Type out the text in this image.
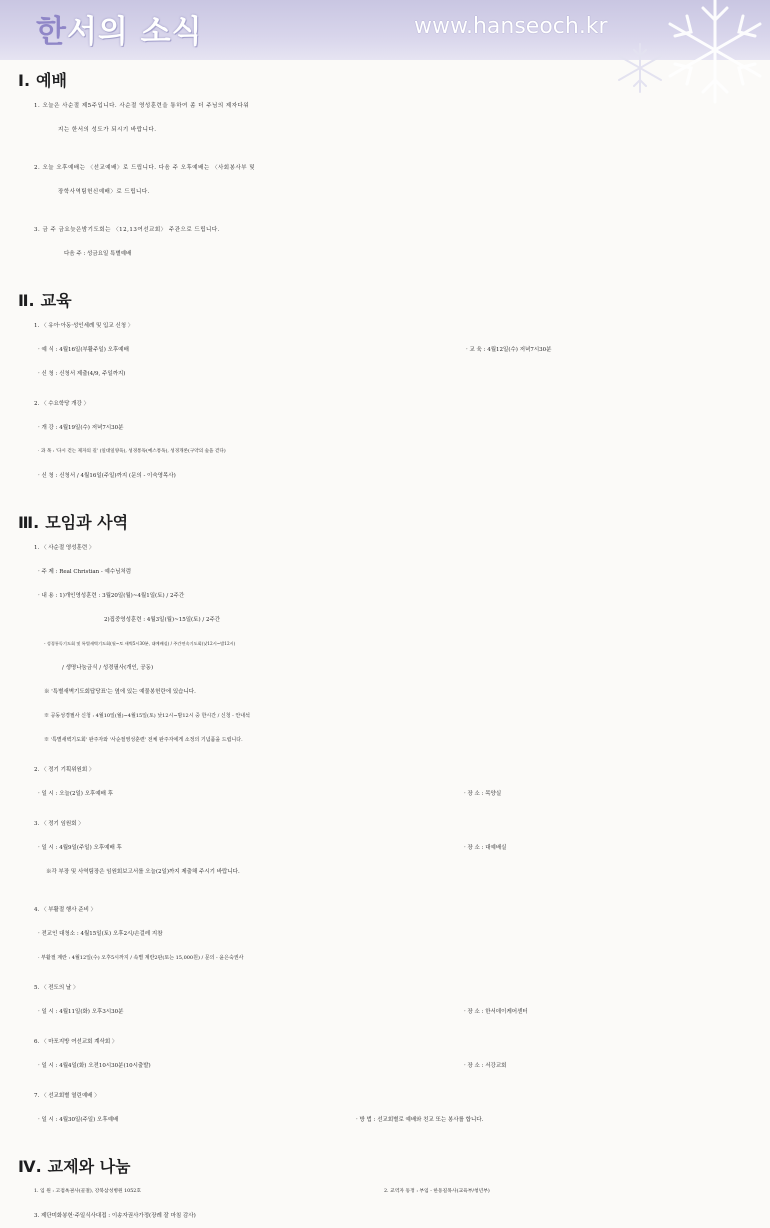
한서의 소식	www.hanseoch.kr
Ⅰ. 예배
1. 오늘은 사순절 제5주입니다. 사순절 영성훈련을 통하여 좀 더 주님의 제자다워
지는 한서의 성도가 되시기 바랍니다.
2. 오늘 오후예배는 〈선교예배〉로 드립니다. 다음 주 오후예배는 〈사회봉사부 및
장학사역팀헌신예배〉로 드립니다.
3. 금 주 금요늦은밤기도회는 〈12,13여선교회〉 주관으로 드립니다.
다음 주 : 성금요일 특별예배
Ⅱ. 교육
1. 〈 유아·아동·성인세례 및 입교 신청 〉
· 예 식 : 4월16일(부활주일) 오후예배	· 교 육 : 4월12일(수) 저녁7시30분
· 신 청 : 신청서 제출(4/9, 주일까지)
2. 〈 수요학당 개강 〉
· 개 강 : 4월19일(수) 저녁7시30분
· 과 목 : '다시 걷는 제자의 길' (일대일양육), 성경통독(예스통독), 성경개론(구약의 숲을 걷다)
· 신 청 : 신청서 / 4월16일(주일)까지 (문의 - 이숙영목사)
Ⅲ. 모임과 사역
1. 〈 사순절 영성훈련 〉
· 주 제 : Real Christian - 예수님처럼
· 내 용 : 1)개인영성훈련 : 3월20일(월)~4월1일(토) / 2주간
2)집중영성훈련 : 4월3일(월)~15일(토) / 2주간
- 성경통독기도회 및 특별새벽기도회(월~토 새벽5시30분, 대예배실) / 주간연속기도회(낮12시~밤12시)
/ 생명나눔금식 / 성경필사(개인, 공동)
※ '특별새벽기도회답당표'는 옆에 있는 예물봉헌란에 있습니다.
※ 공동성경필사 신청 : 4월10일(월)~4월15일(토) 낮12시~밤12시 중 한시간 / 신청 - 안내석
※ '특별새벽기도회' 완주자와 '사순절영성훈련' 전체 완주자에게 소정의 기념품을 드립니다.
2. 〈 정기 기획위원회 〉
· 일 시 : 오늘(2일) 오후예배 후	· 장 소 : 목양실
3. 〈 정기 임원회 〉
· 일 시 : 4월9일(주일) 오후예배 후	· 장 소 : 대예배실
※각 부장 및 사역팀장은 임원회보고서를 오늘(2일)까지 제출해 주시기 바랍니다.
4. 〈 부활절 행사 준비 〉
· 전교인 대청소 : 4월15일(토) 오후2시/손걸레 지참
· 부활절 계란 : 4월12일(수) 오후5시까지 / 속별 계란2판(또는 15,000원) / 문의 - 윤은숙권사
5. 〈 전도의 날 〉
· 일 시 : 4월11일(화) 오후3시30분	· 장 소 : 한서데이케어센터
6. 〈 마포지방 여선교회 계삭회 〉
· 일 시 : 4월4일(화) 오전10시30분(10시출발)	· 장 소 : 서강교회
7. 〈 선교회별 열린예배 〉
· 일 시 : 4월30일(주일) 오후예배	· 방 법 : 선교회별로 예배와 친교 또는 봉사를 합니다.
Ⅳ. 교제와 나눔
1. 입 원 : 고점옥권사(골절), 강북삼성병원 1052호	2. 교역자 동정 : 부임 - 한동길목사(교육부/청년부)
3. 제단미화봉헌·주일식사대접 : 이송자권사가정(장례 잘 마침 감사)
